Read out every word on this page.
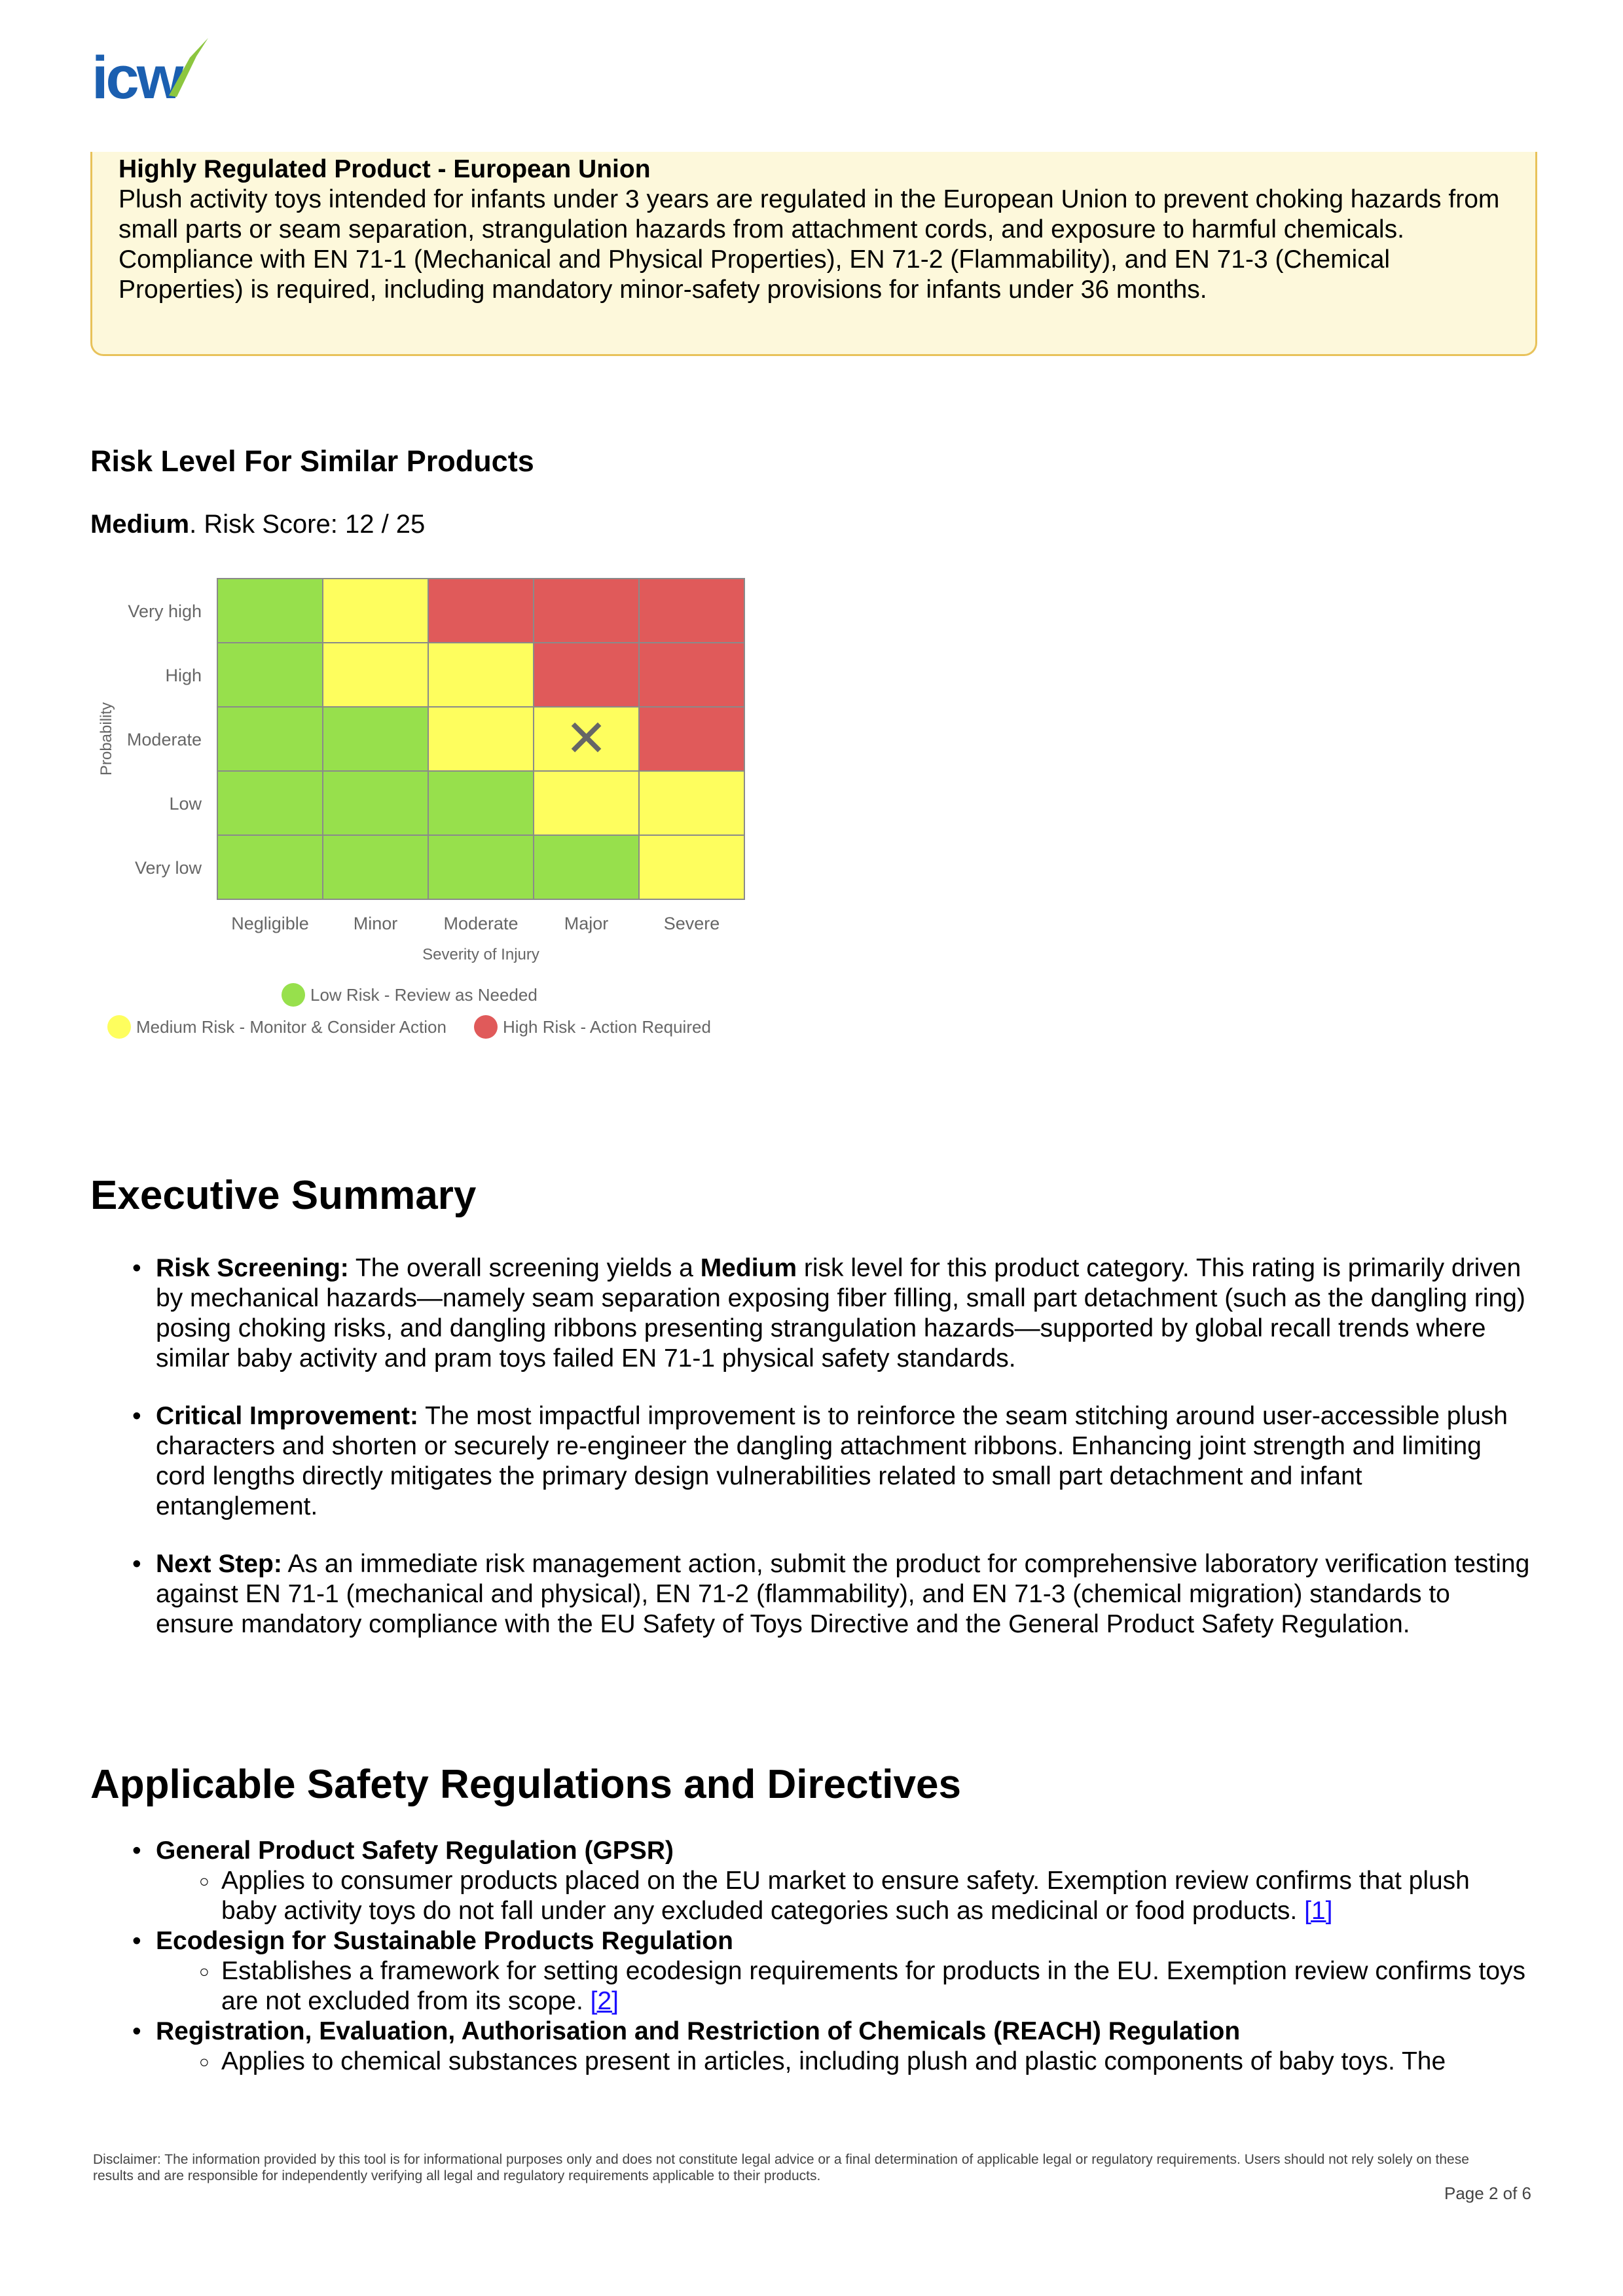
icw
Highly Regulated Product - European Union
Plush activity toys intended for infants under 3 years are regulated in the European Union to prevent choking hazards from small parts or seam separation, strangulation hazards from attachment cords, and exposure to harmful chemicals. Compliance with EN 71-1 (Mechanical and Physical Properties), EN 71-2 (Flammability), and EN 71-3 (Chemical Properties) is required, including mandatory minor-safety provisions for infants under 36 months.
Risk Level For Similar Products
Medium. Risk Score: 12 / 25
Very high
High
Moderate
Low
Very low
Negligible	Minor	Moderate	Major	Severe
Severity of Injury
Probability	✕
Low Risk - Review as Needed
Medium Risk - Monitor & Consider Action	High Risk - Action Required
Executive Summary
• Risk Screening: The overall screening yields a Medium risk level for this product category. This rating is primarily driven by mechanical hazards—namely seam separation exposing fiber filling, small part detachment (such as the dangling ring) posing choking risks, and dangling ribbons presenting strangulation hazards—supported by global recall trends where similar baby activity and pram toys failed EN 71-1 physical safety standards.
• Critical Improvement: The most impactful improvement is to reinforce the seam stitching around user-accessible plush characters and shorten or securely re-engineer the dangling attachment ribbons. Enhancing joint strength and limiting cord lengths directly mitigates the primary design vulnerabilities related to small part detachment and infant entanglement.
• Next Step: As an immediate risk management action, submit the product for comprehensive laboratory verification testing against EN 71-1 (mechanical and physical), EN 71-2 (flammability), and EN 71-3 (chemical migration) standards to ensure mandatory compliance with the EU Safety of Toys Directive and the General Product Safety Regulation.
Applicable Safety Regulations and Directives
• General Product Safety Regulation (GPSR)
○ Applies to consumer products placed on the EU market to ensure safety. Exemption review confirms that plush baby activity toys do not fall under any excluded categories such as medicinal or food products. [1]
• Ecodesign for Sustainable Products Regulation
○ Establishes a framework for setting ecodesign requirements for products in the EU. Exemption review confirms toys are not excluded from its scope. [2]
• Registration, Evaluation, Authorisation and Restriction of Chemicals (REACH) Regulation
○ Applies to chemical substances present in articles, including plush and plastic components of baby toys. The
Disclaimer: The information provided by this tool is for informational purposes only and does not constitute legal advice or a final determination of applicable legal or regulatory requirements. Users should not rely solely on these results and are responsible for independently verifying all legal and regulatory requirements applicable to their products.
Page 2 of 6
